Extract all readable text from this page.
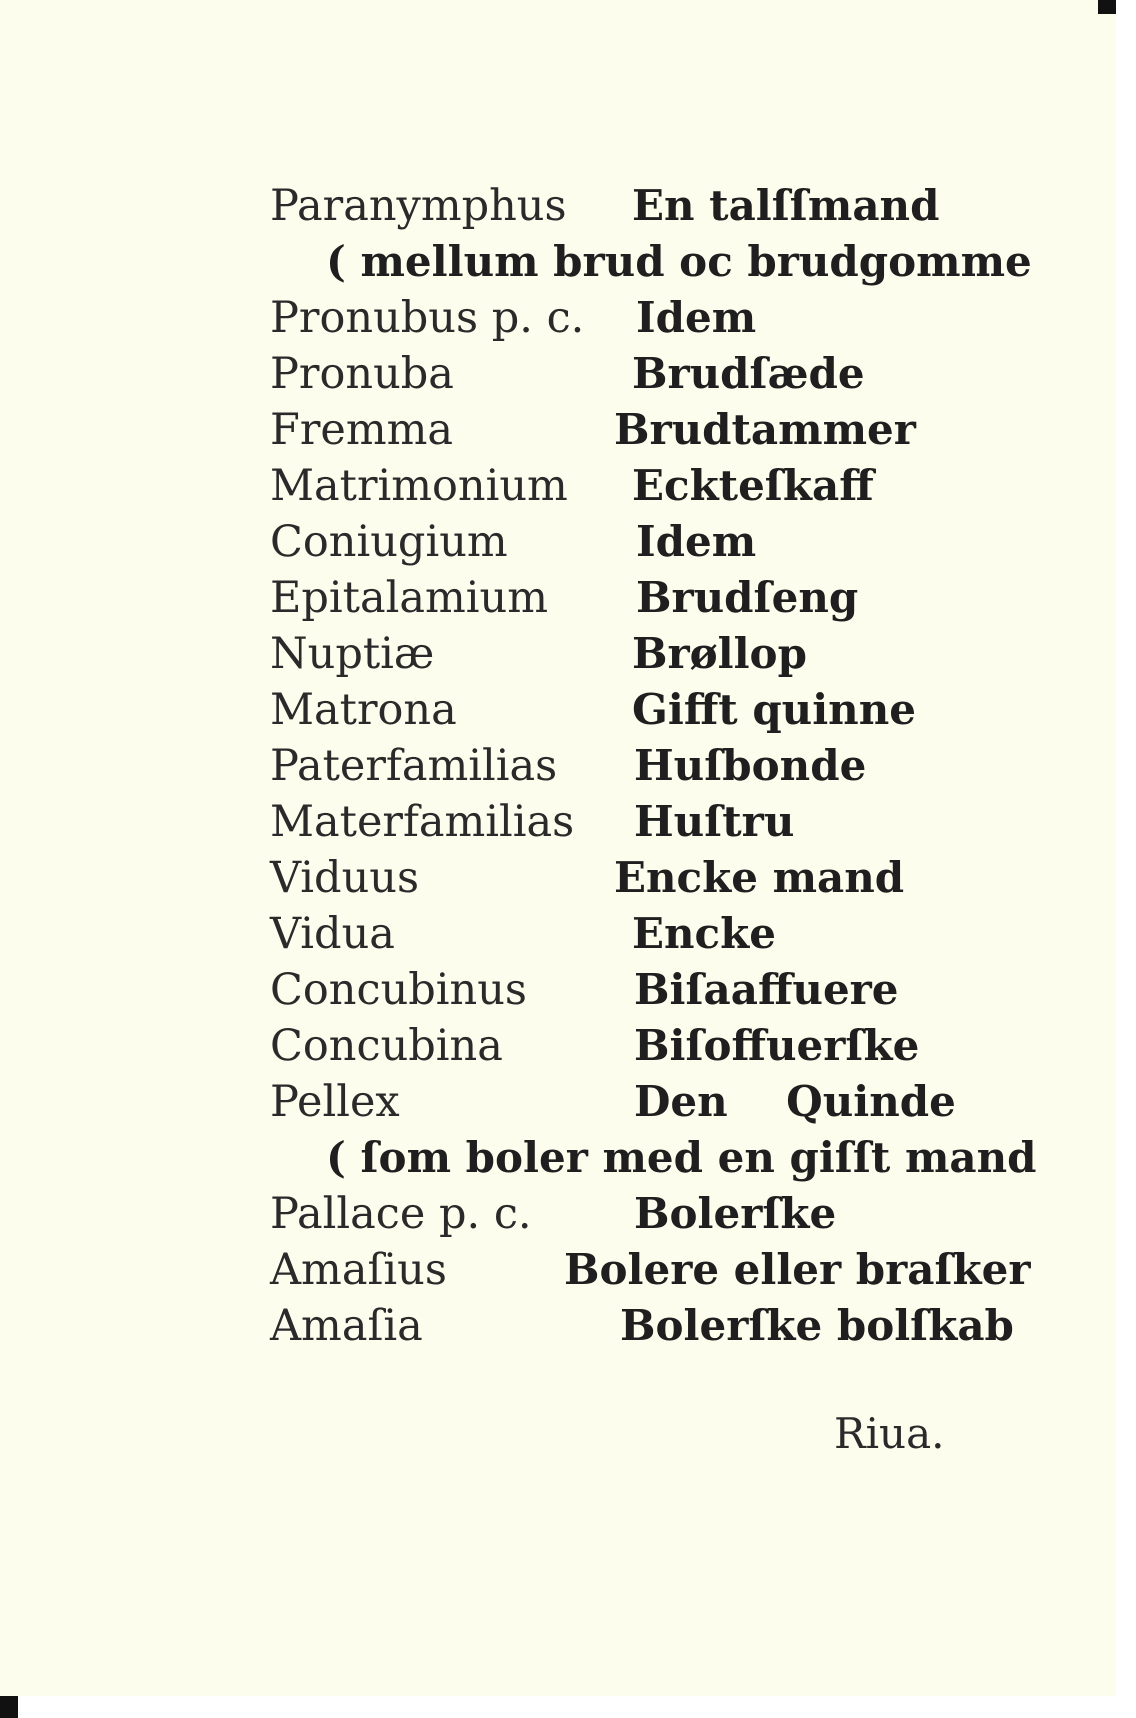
Paranymphus En talſſmand
( mellum brud oc brudgomme
Pronubus p. c. Idem
Pronuba	Brudſæde
Fremma	Brudtammer
Matrimonium Eckteſkaff
Coniugium	Idem
Epitalamium Brudſeng
Nuptiæ	Brøllop
Matrona	Gifft quinne
Paterfamilias Huſbonde
Materfamilias Huſtru
Viduus	Encke mand
Vidua	Encke
Concubinus	Biſaaffuere
Concubina	Biſoffuerſke
Pellex	Den    Quinde
( ſom boler med en giſſt mand
Pallace p. c. Bolerſke
Amaſius	Bolere eller braſker
Amaſia	Bolerſke bolſkab
Riua.
